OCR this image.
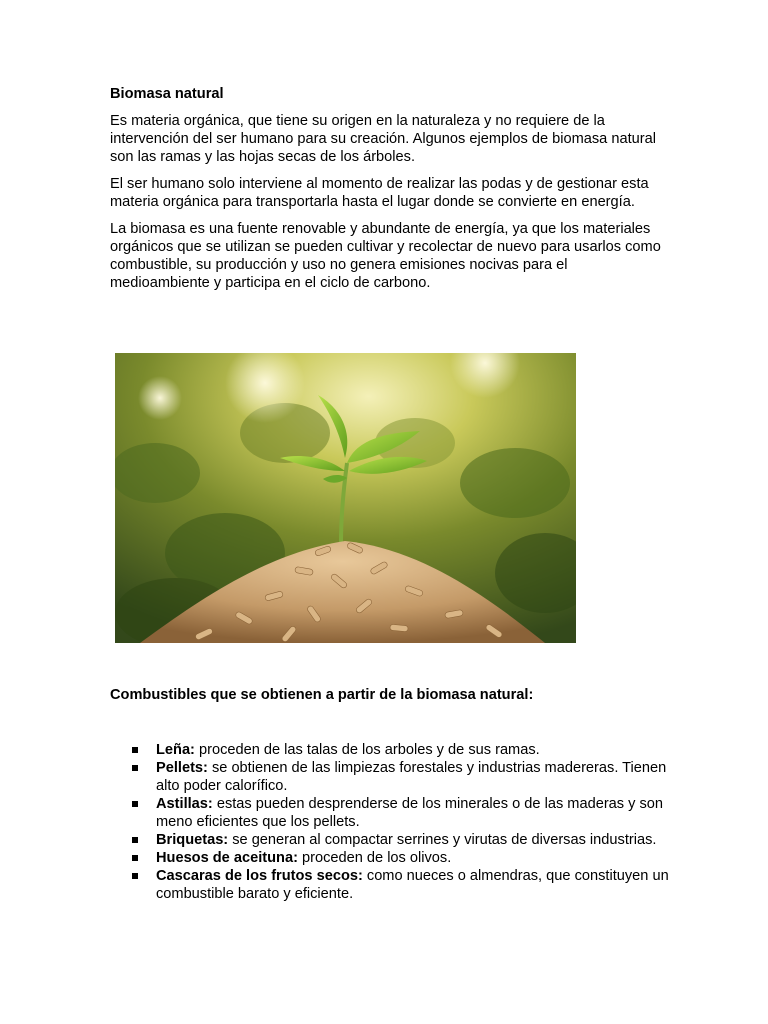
Biomasa natural

Es materia orgánica, que tiene su origen en la naturaleza y no requiere de la intervención del ser humano para su creación. Algunos ejemplos de biomasa natural son las ramas y las hojas secas de los árboles.

El ser humano solo interviene al momento de realizar las podas y de gestionar esta materia orgánica para transportarla hasta el lugar donde se convierte en energía.

La biomasa es una fuente renovable y abundante de energía, ya que los materiales orgánicos que se utilizan se pueden cultivar y recolectar de nuevo para usarlos como combustible, su producción y uso no genera emisiones nocivas para el medioambiente y participa en el ciclo de carbono.

Combustibles que se obtienen a partir de la biomasa natural:
Leña: proceden de las talas de los arboles y de sus ramas.
Pellets: se obtienen de las limpiezas forestales y industrias madereras. Tienen alto poder calorífico.
Astillas: estas pueden desprenderse de los minerales o de las maderas y son meno eficientes que los pellets.
Briquetas: se generan al compactar serrines y virutas de diversas industrias.
Huesos de aceituna: proceden de los olivos.
Cascaras de los frutos secos: como nueces o almendras, que constituyen un combustible barato y eficiente.
